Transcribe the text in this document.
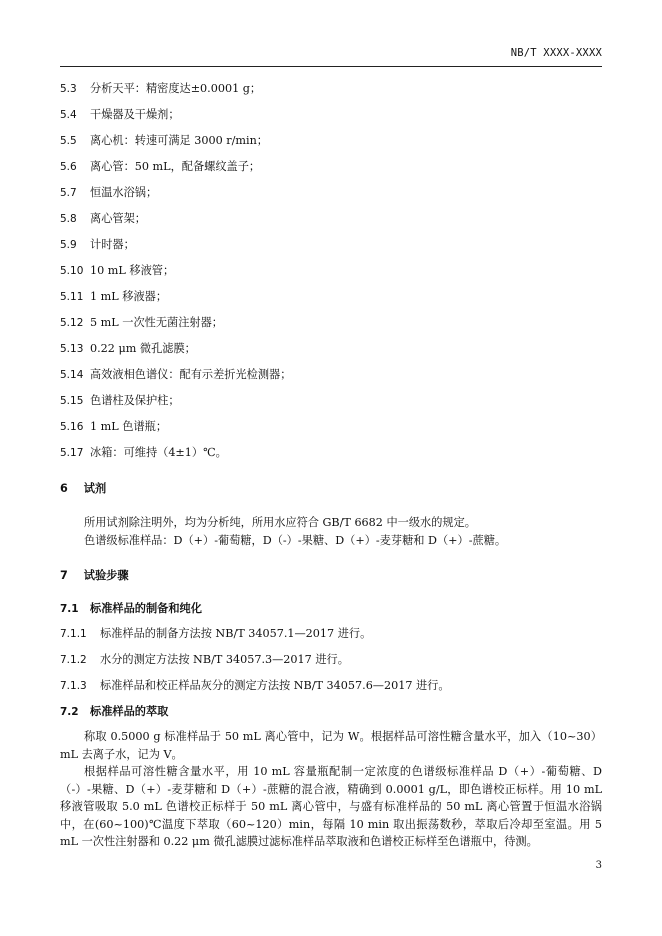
NB/T XXXX-XXXX
5.3 分析天平：精密度达±0.0001 g；
5.4 干燥器及干燥剂；
5.5 离心机：转速可满足 3000 r/min；
5.6 离心管：50 mL，配备螺纹盖子；
5.7 恒温水浴锅；
5.8 离心管架；
5.9 计时器；
5.10 10 mL 移液管；
5.11 1 mL 移液器；
5.12 5 mL 一次性无菌注射器；
5.13 0.22 μm 微孔滤膜；
5.14 高效液相色谱仪：配有示差折光检测器；
5.15 色谱柱及保护柱；
5.16 1 mL 色谱瓶；
5.17 冰箱：可维持（4±1）℃。
6 试剂

所用试剂除注明外，均为分析纯，所用水应符合 GB/T 6682 中一级水的规定。

色谱级标准样品：D（+）-葡萄糖，D（-）-果糖、D（+）-麦芽糖和 D（+）-蔗糖。

7 试验步骤
7.1 标准样品的制备和纯化
7.1.1 标准样品的制备方法按 NB/T 34057.1—2017 进行。
7.1.2 水分的测定方法按 NB/T 34057.3—2017 进行。
7.1.3 标准样品和校正样品灰分的测定方法按 NB/T 34057.6—2017 进行。
7.2 标准样品的萃取

称取 0.5000 g 标准样品于 50 mL 离心管中，记为 W。根据样品可溶性糖含量水平，加入（10~30）mL 去离子水，记为 V。

根据样品可溶性糖含量水平，用 10 mL 容量瓶配制一定浓度的色谱级标准样品 D（+）-葡萄糖、D（-）-果糖、D（+）-麦芽糖和 D（+）-蔗糖的混合液，精确到 0.0001 g/L，即色谱校正标样。用 10 mL 移液管吸取 5.0 mL 色谱校正标样于 50 mL 离心管中，与盛有标准样品的 50 mL 离心管置于恒温水浴锅中，在(60~100)℃温度下萃取（60~120）min，每隔 10 min 取出振荡数秒，萃取后冷却至室温。用 5 mL 一次性注射器和 0.22 μm 微孔滤膜过滤标准样品萃取液和色谱校正标样至色谱瓶中，待测。

3
